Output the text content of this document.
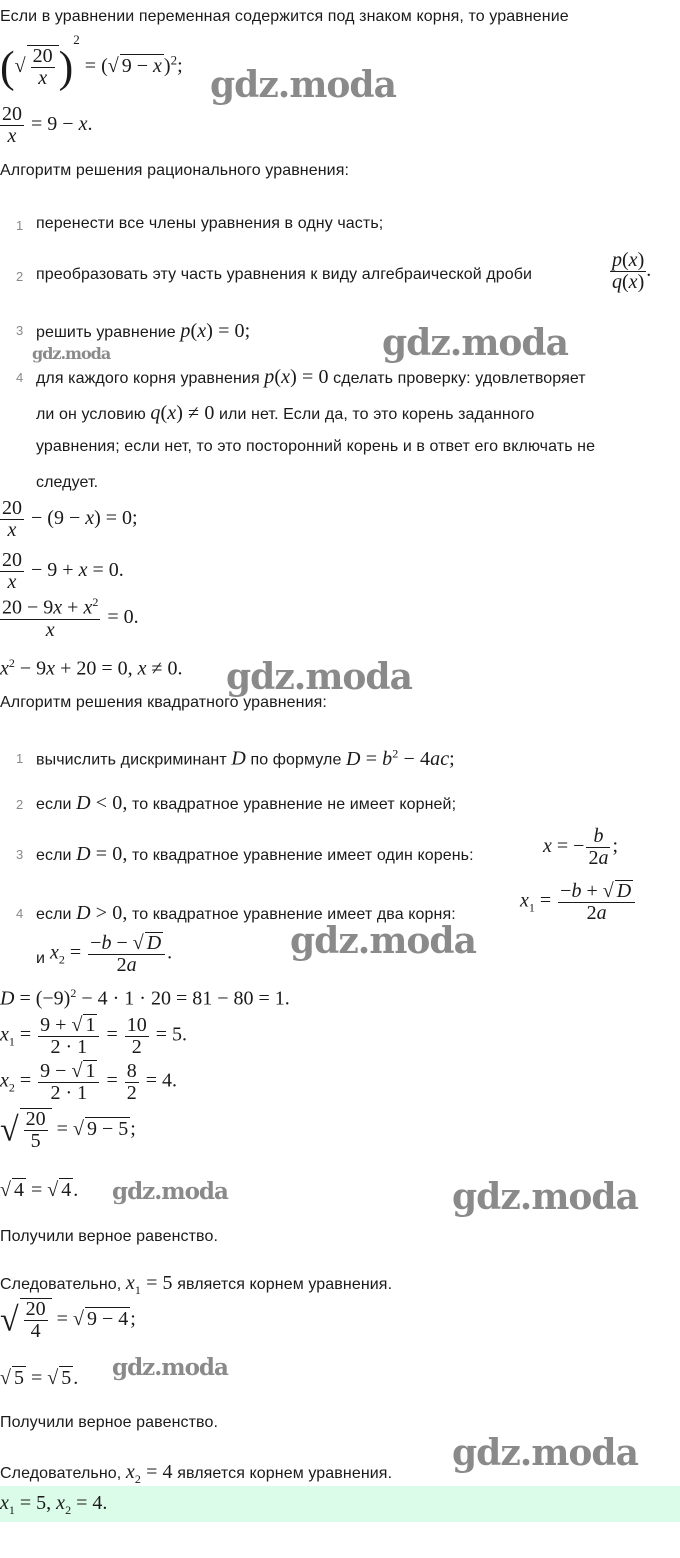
Если в уравнении переменная содержится под знаком корня, то уравнение
(√ $\frac{20}{x} )^2$ = (√ 9 − x )$^2$;
$\frac{20}{x} = 9 - x$.
Алгоритм решения рационального уравнения:
1 перенести все члены уравнения в одну часть;
2 преобразовать эту часть уравнения к виду алгебраической дроби	$\frac{p(x)}{q(x)}$ .
3 решить уравнение p(x) = 0;
4 для каждого корня уравнения p(x) = 0 сделать проверку: удовлетворяет
ли он условию q(x) ≠ 0 или нет. Если да, то это корень заданного
уравнения; если нет, то это посторонний корень и в ответ его включать не
следует.
$\frac{20}{x} - (9 - x) = 0$;
$\frac{20}{x} - 9 + x = 0$.
$\frac{20 - 9x + x^2}{x} = 0$.
$x^2 - 9x + 20 = 0$, x ≠ 0.
Алгоритм решения квадратного уравнения:
1 вычислить дискриминант D по формуле $D = b^2 - 4ac$;
2 если D < 0, то квадратное уравнение не имеет корней;
3 если D = 0, то квадратное уравнение имеет один корень:	x = − $\frac{b}{2a}$ ;
4 если D > 0, то квадратное уравнение имеет два корня:
$x_1 = \frac{-b + √ D}{2a}$
и $x_2 = \frac{-b - √ D}{2a}$ .
$D = (-9)^2 - 4 \cdot 1 \cdot 20 = 81 - 80 = 1$.
$x_1 = \frac{9 + √ 1}{2 \cdot 1} = \frac{10}{2} = 5$.
$x_2 = \frac{9 - √ 1}{2 \cdot 1} = \frac{8}{2} = 4$.
√ $\frac{20}{5}$ = √ 9 − 5 ;
√ 4 = √ 4 .
Получили верное равенство.
Следовательно, $x_1 = 5$ является корнем уравнения.
√ $\frac{20}{4}$ = √ 9 − 4 ;
√ 5 = √ 5 .
Получили верное равенство.
Следовательно, $x_2 = 4$ является корнем уравнения.
$x_1 = 5$, $x_2 = 4$.
gdz.moda
gdz.moda
gdz.moda
gdz.moda
gdz.moda
gdz.moda	gdz.moda
gdz.moda
gdz.moda
